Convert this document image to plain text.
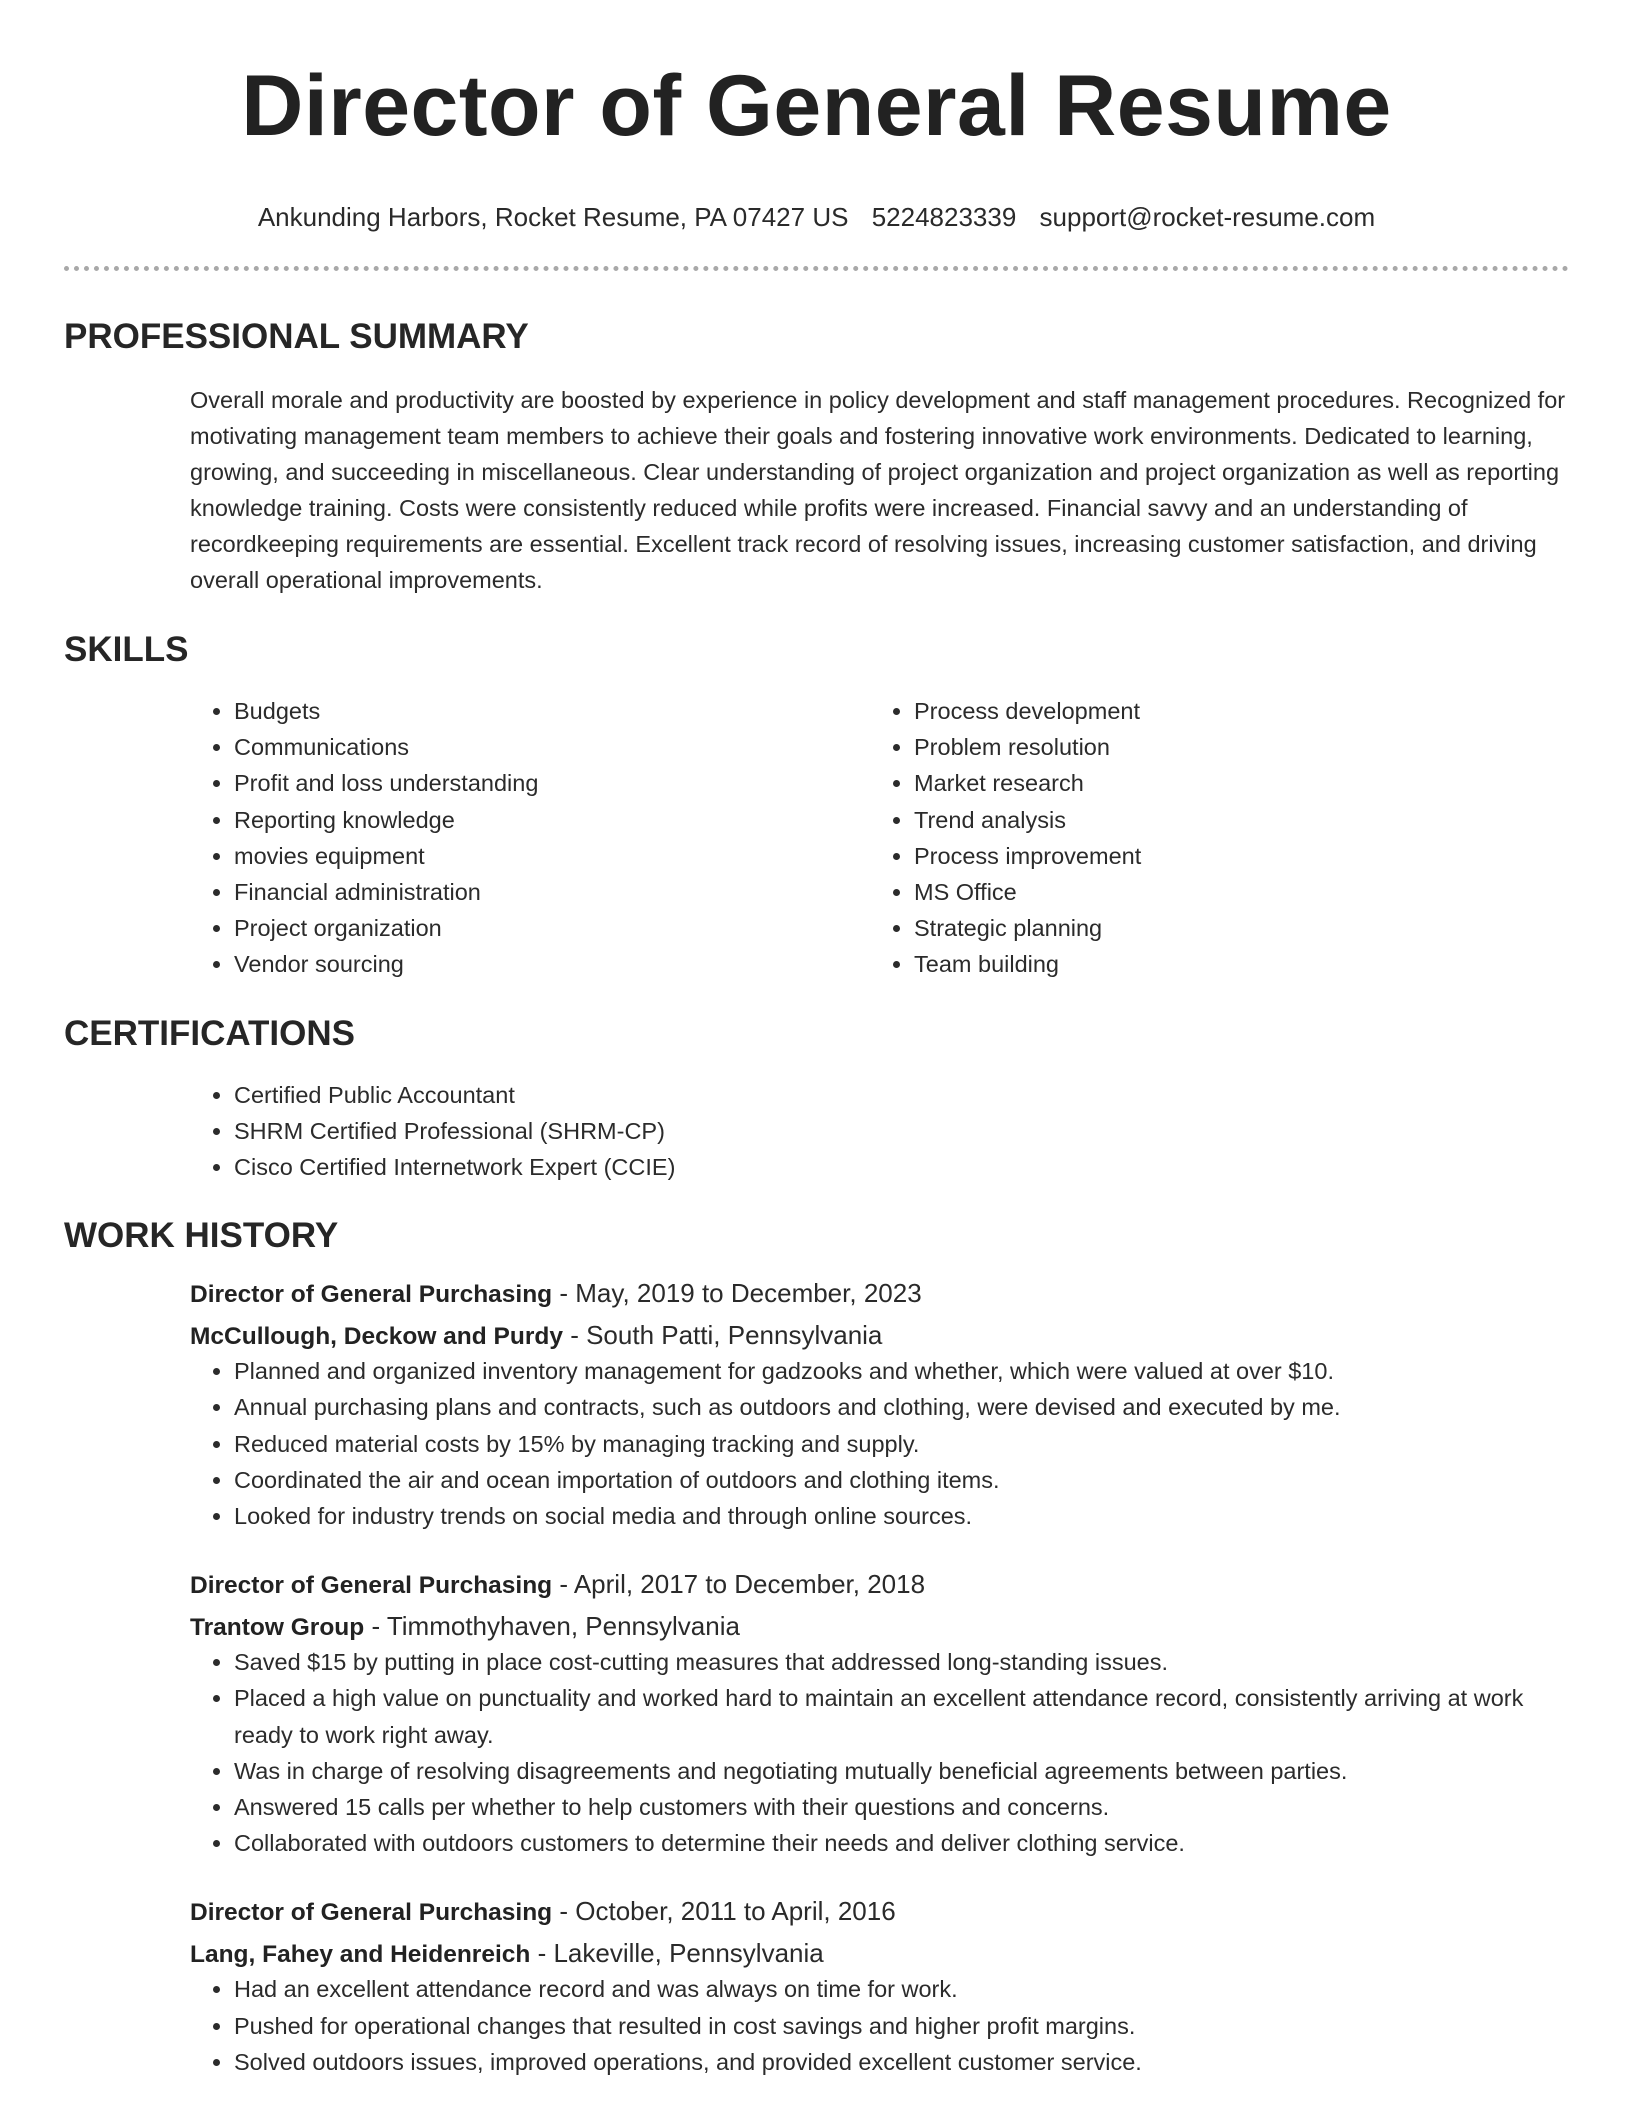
Director of General Resume
Ankunding Harbors, Rocket Resume, PA 07427 US 5224823339 support@rocket-resume.com
PROFESSIONAL SUMMARY

Overall morale and productivity are boosted by experience in policy development and staff management procedures. Recognized for motivating management team members to achieve their goals and fostering innovative work environments. Dedicated to learning, growing, and succeeding in miscellaneous. Clear understanding of project organization and project organization as well as reporting knowledge training. Costs were consistently reduced while profits were increased. Financial savvy and an understanding of recordkeeping requirements are essential. Excellent track record of resolving issues, increasing customer satisfaction, and driving overall operational improvements.

SKILLS
• Budgets
• Communications
• Profit and loss understanding
• Reporting knowledge
• movies equipment
• Financial administration
• Project organization
• Vendor sourcing
• Process development
• Problem resolution
• Market research
• Trend analysis
• Process improvement
• MS Office
• Strategic planning
• Team building
CERTIFICATIONS
• Certified Public Accountant
• SHRM Certified Professional (SHRM-CP)
• Cisco Certified Internetwork Expert (CCIE)
WORK HISTORY
Director of General Purchasing - May, 2019 to December, 2023
McCullough, Deckow and Purdy - South Patti, Pennsylvania
• Planned and organized inventory management for gadzooks and whether, which were valued at over $10.
• Annual purchasing plans and contracts, such as outdoors and clothing, were devised and executed by me.
• Reduced material costs by 15% by managing tracking and supply.
• Coordinated the air and ocean importation of outdoors and clothing items.
• Looked for industry trends on social media and through online sources.
Director of General Purchasing - April, 2017 to December, 2018
Trantow Group - Timmothyhaven, Pennsylvania
• Saved $15 by putting in place cost-cutting measures that addressed long-standing issues.
• Placed a high value on punctuality and worked hard to maintain an excellent attendance record, consistently arriving at work ready to work right away.
• Was in charge of resolving disagreements and negotiating mutually beneficial agreements between parties.
• Answered 15 calls per whether to help customers with their questions and concerns.
• Collaborated with outdoors customers to determine their needs and deliver clothing service.
Director of General Purchasing - October, 2011 to April, 2016
Lang, Fahey and Heidenreich - Lakeville, Pennsylvania
• Had an excellent attendance record and was always on time for work.
• Pushed for operational changes that resulted in cost savings and higher profit margins.
• Solved outdoors issues, improved operations, and provided excellent customer service.
